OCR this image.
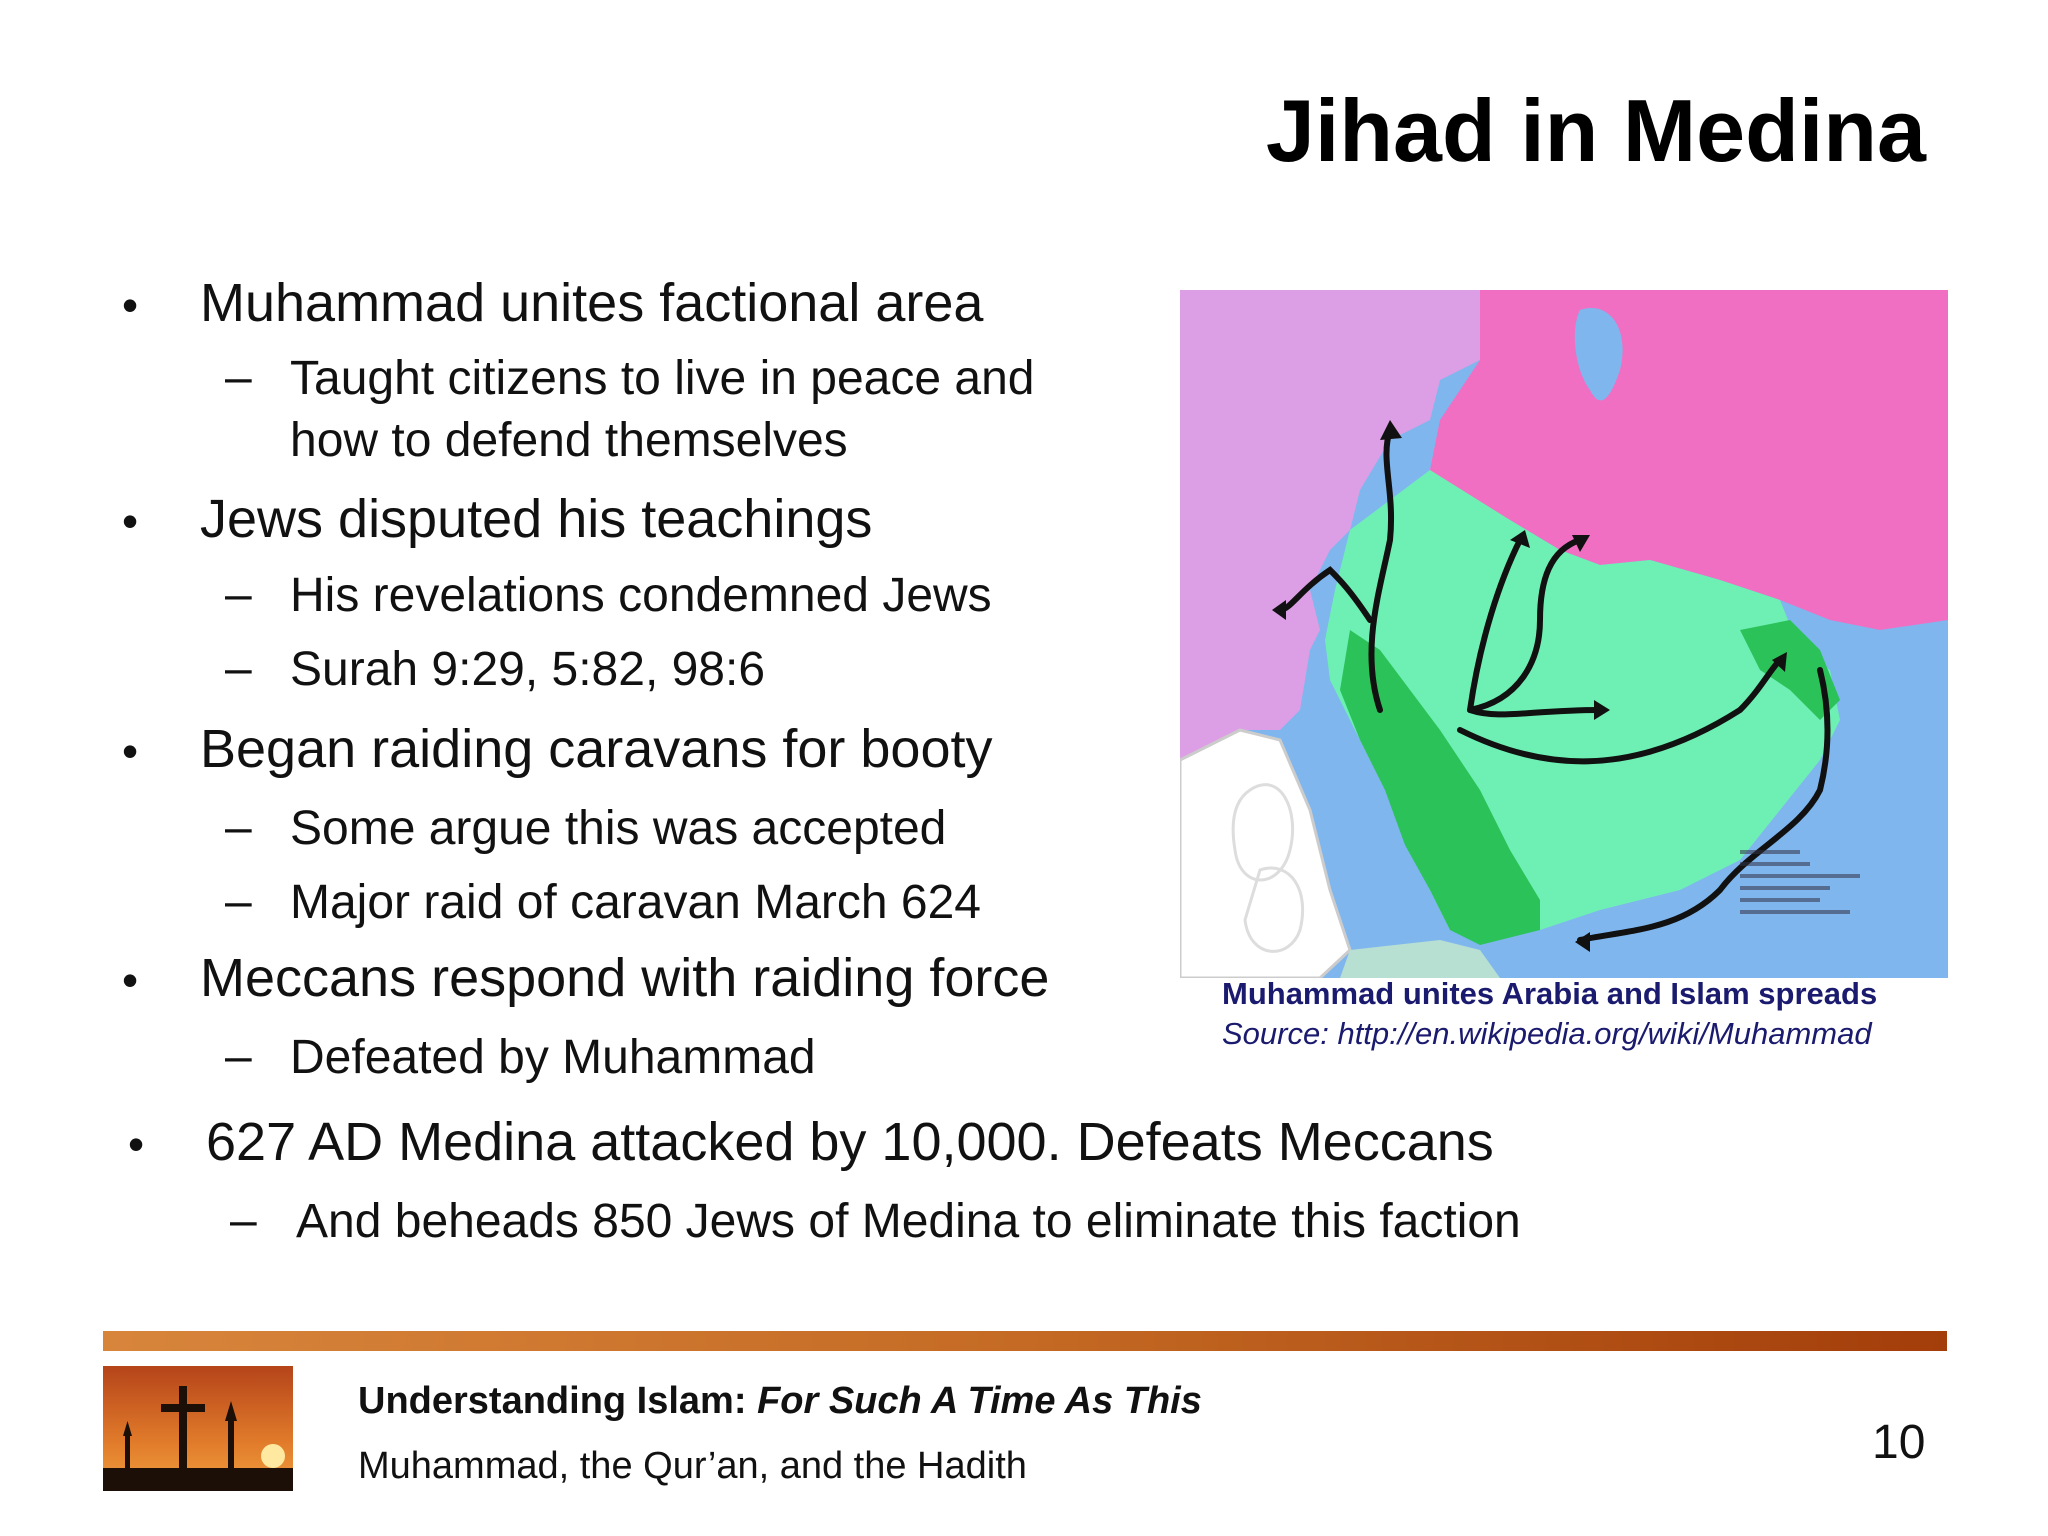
Jihad in Medina
• Muhammad unites factional area
– Taught citizens to live in peace and
how to defend themselves
• Jews disputed his teachings
– His revelations condemned Jews
– Surah 9:29, 5:82, 98:6
• Began raiding caravans for booty
– Some argue this was accepted
– Major raid of caravan March 624
• Meccans respond with raiding force
– Defeated by Muhammad
• 627 AD Medina attacked by 10,000. Defeats Meccans
– And beheads 850 Jews of Medina to eliminate this faction
Muhammad unites Arabia and Islam spreads
Source: http://en.wikipedia.org/wiki/Muhammad
Understanding Islam: For Such A Time As This
Muhammad, the Qur’an, and the Hadith	10
